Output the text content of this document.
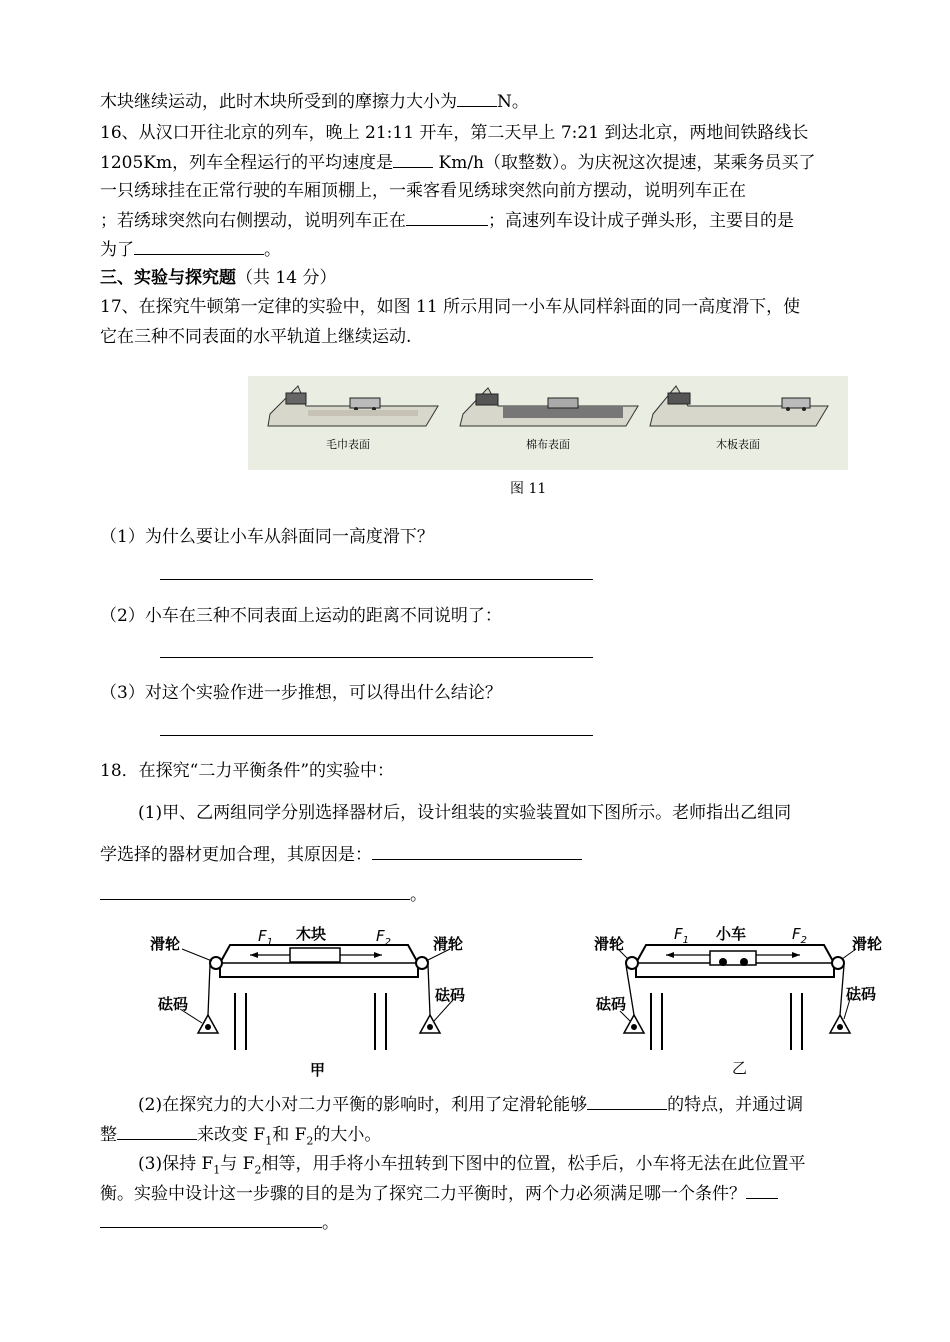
木块继续运动，此时木块所受到的摩擦力大小为 N。
16、从汉口开往北京的列车，晚上 21:11 开车，第二天早上 7:21 到达北京，两地间铁路线长
1205Km，列车全程运行的平均速度是 Km/h（取整数）。为庆祝这次提速，某乘务员买了
一只绣球挂在正常行驶的车厢顶棚上，一乘客看见绣球突然向前方摆动，说明列车正在
；若绣球突然向右侧摆动，说明列车正在	；高速列车设计成子弹头形，主要目的是
为了	。
三、实验与探究题（共 14 分）
17、在探究牛顿第一定律的实验中，如图 11 所示用同一小车从同样斜面的同一高度滑下，使
它在三种不同表面的水平轨道上继续运动.
毛巾表面	棉布表面	木板表面
图 11
（1）为什么要让小车从斜面同一高度滑下？
（2）小车在三种不同表面上运动的距离不同说明了：
（3）对这个实验作进一步推想，可以得出什么结论？
18．在探究“二力平衡条件”的实验中：
(1)甲、乙两组同学分别选择器材后，设计组装的实验装置如下图所示。老师指出乙组同
学选择的器材更加合理，其原因是：
。
滑轮	滑轮
砝码	砝码
木块
$F_1$	$F_2$
甲
滑轮	滑轮
砝码
砝码
小车
$F_1$	$F_2$
乙
(2)在探究力的大小对二力平衡的影响时，利用了定滑轮能够	的特点，并通过调
整	来改变 $F_1$和 $F_2$的大小。
(3)保持 $F_1$与 $F_2$相等，用手将小车扭转到下图中的位置，松手后，小车将无法在此位置平
衡。实验中设计这一步骤的目的是为了探究二力平衡时，两个力必须满足哪一个条件？
。
